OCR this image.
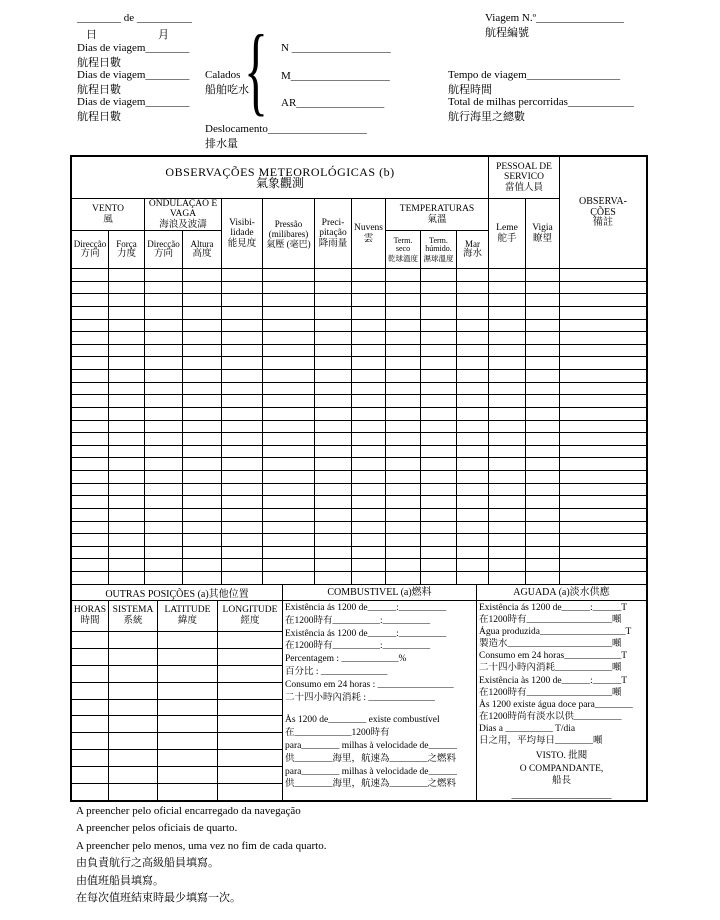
________ de __________
日	月
Dias de viagem________
航程日數
Dias de viagem________
航程日數
Dias de viagem________
航程日數
Calados
船舶吃水
{ N __________________
M__________________
AR________________
Deslocamento__________________
排水量
Viagem N.º________________
航程編號
Tempo de viagem_________________
航程時間
Total de milhas percorridas____________
航行海里之總數
OBSERVAÇÕES METEOROLÓGICAS (b)
氣象觀測
PESSOAL DE SERVICO
當值人員
OBSERVA-ÇÕES
備註
VENTO
風
ONDULAÇÃO E VAGA
海浪及波濤	Visibi-lidade
能見度
Pressão (milibares)
氣壓 (毫巴)
Preci-pitação
降雨量
Nuvens
雲
TEMPERATURAS
氣溫
Leme
舵手
Vigia
瞭望
Direcção
方向
Força
力度
Direcção
方向
Altura
高度
Term. seco
乾球溫度
Term. húmido.
濕球溫度
Mar
海水
OUTRAS POSIÇÕES (a)其他位置
HORAS
時間
SISTEMA
系統
LATITUDE
緯度
LONGITUDE
經度
COMBUSTIVEL (a)燃料
Existência ás 1200 de______:__________
在1200時有__________:__________
Existência ás 1200 de______:__________
在1200時有__________:__________
Percentagem : ____________%
百分比 : ______________
Consumo em 24 horas : ________________
二十四小時內消耗 : ______________
Às 1200 de________ existe combustível
在____________1200時有
para________ milhas à velocidade de______
供________海里，航速為________之燃料
para________ milhas à velocidade de______
供________海里，航速為________之燃料
AGUADA (a)淡水供應
Existência ás 1200 de______:______T
在1200時有__________________噸
Água produzida__________________T
製造水______________________噸
Consumo em 24 horas____________T
二十四小時內消耗____________噸
Existência às 1200 de______:______T
在1200時有__________________噸
Às 1200 existe água doce para________
在1200時尚有淡水以供__________
Dias a __________ T/dia
日之用，平均每日________噸
VISTO. 批閱
O COMPANDANTE,
船長
____________________
A preencher pelo oficial encarregado da navegação
A preencher pelos oficiais de quarto.
A preencher pelo menos, uma vez no fim de cada quarto.
由負責航行之高級船員填寫。
由值班船員填寫。
在每次值班結束時最少填寫一次。
